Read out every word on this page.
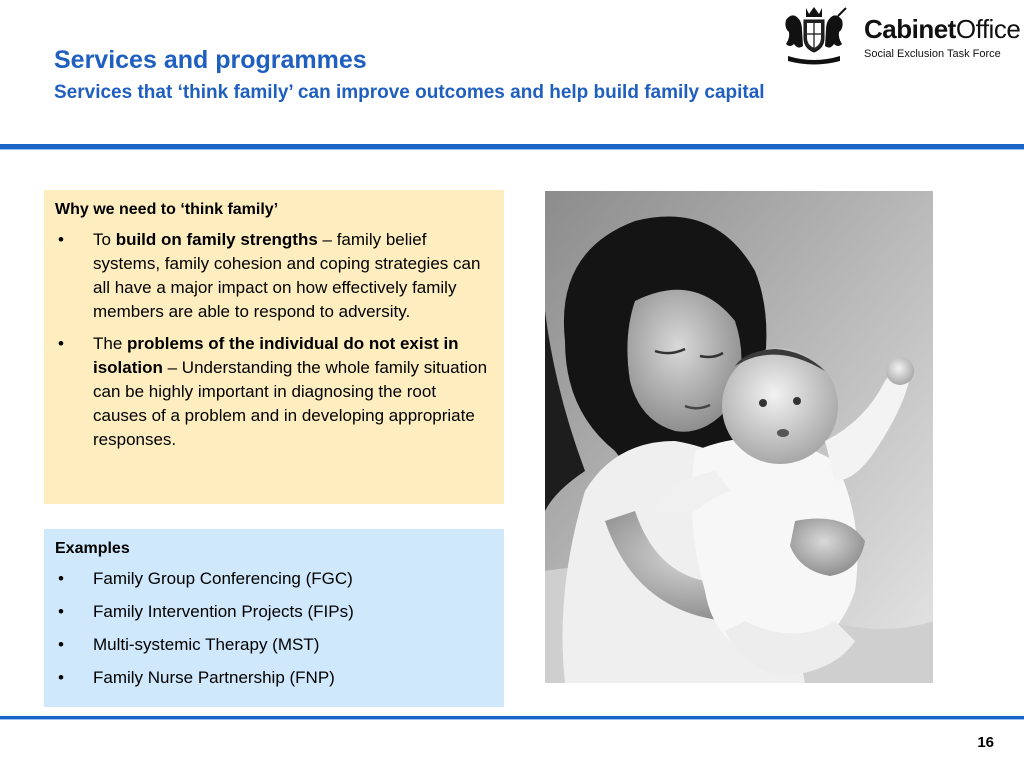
Services and programmes
Services that ‘think family’ can improve outcomes and help build family capital
CabinetOffice
Social Exclusion Task Force
Why we need to ‘think family’
• To build on family strengths – family belief systems, family cohesion and coping strategies can all have a major impact on how effectively family members are able to respond to adversity.
• The problems of the individual do not exist in isolation – Understanding the whole family situation can be highly important in diagnosing the root causes of a problem and in developing appropriate responses.
Examples
• Family Group Conferencing (FGC)
• Family Intervention Projects (FIPs)
• Multi-systemic Therapy (MST)
• Family Nurse Partnership (FNP)
16
